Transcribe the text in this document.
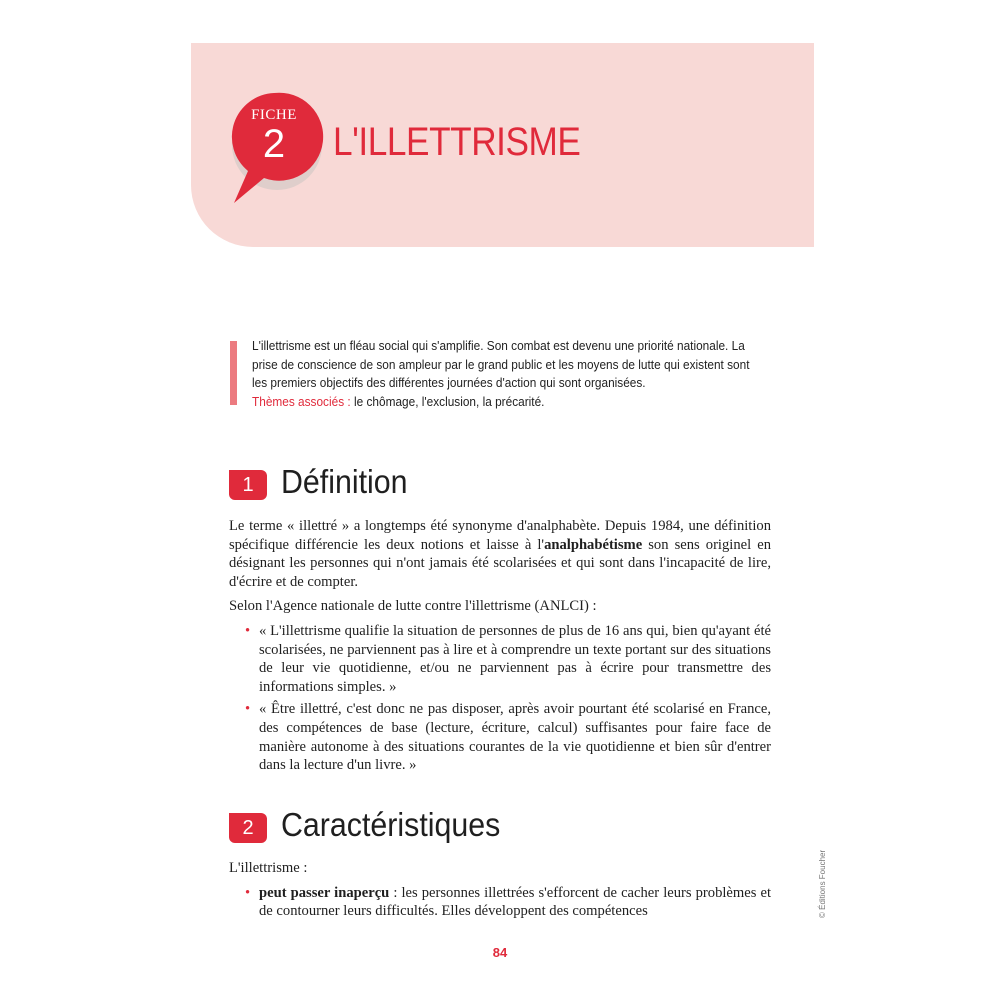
FICHE
2	L'ILLETTRISME

L'illettrisme est un fléau social qui s'amplifie. Son combat est devenu une priorité nationale. La prise de conscience de son ampleur par le grand public et les moyens de lutte qui existent sont les premiers objectifs des différentes journées d'action qui sont organisées.

Thèmes associés : le chômage, l'exclusion, la précarité.

1 Définition

Le terme « illettré » a longtemps été synonyme d'analphabète. Depuis 1984, une définition spécifique différencie les deux notions et laisse à l'analphabétisme son sens originel en désignant les personnes qui n'ont jamais été scolarisées et qui sont dans l'incapacité de lire, d'écrire et de compter.

Selon l'Agence nationale de lutte contre l'illettrisme (ANLCI) :

• « L'illettrisme qualifie la situation de personnes de plus de 16 ans qui, bien qu'ayant été scolarisées, ne parviennent pas à lire et à comprendre un texte portant sur des situations de leur vie quotidienne, et/ou ne parviennent pas à écrire pour transmettre des informations simples. »
• « Être illettré, c'est donc ne pas disposer, après avoir pourtant été scolarisé en France, des compétences de base (lecture, écriture, calcul) suffisantes pour faire face de manière autonome à des situations courantes de la vie quotidienne et bien sûr d'entrer dans la lecture d'un livre. »
2 Caractéristiques

L'illettrisme :

• peut passer inaperçu : les personnes illettrées s'efforcent de cacher leurs problèmes et de contourner leurs difficultés. Elles développent des compétences	© Éditions Foucher
84
